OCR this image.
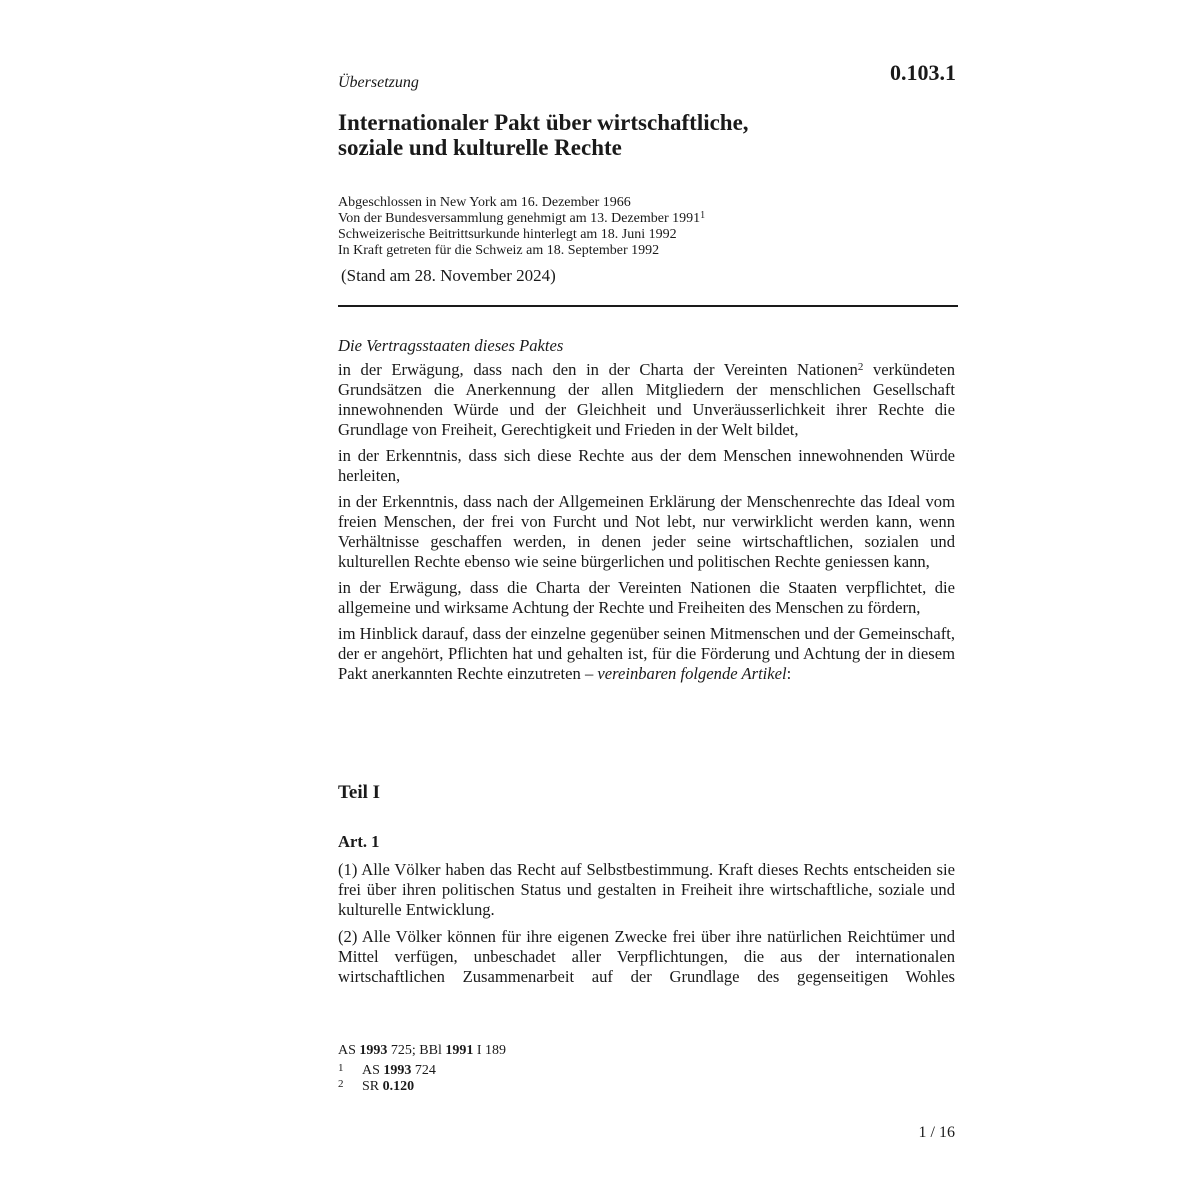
0.103.1
Übersetzung
Internationaler Pakt über wirtschaftliche,
soziale und kulturelle Rechte
Abgeschlossen in New York am 16. Dezember 1966
Von der Bundesversammlung genehmigt am 13. Dezember 1991$^1$
Schweizerische Beitrittsurkunde hinterlegt am 18. Juni 1992
In Kraft getreten für die Schweiz am 18. September 1992
(Stand am 28. November 2024)

Die Vertragsstaaten dieses Paktes

in der Erwägung, dass nach den in der Charta der Vereinten Nationen$^2$ verkündeten Grundsätzen die Anerkennung der allen Mitgliedern der menschlichen Gesellschaft innewohnenden Würde und der Gleichheit und Unveräusserlichkeit ihrer Rechte die Grundlage von Freiheit, Gerechtigkeit und Frieden in der Welt bildet,

in der Erkenntnis, dass sich diese Rechte aus der dem Menschen innewohnenden Würde herleiten,

in der Erkenntnis, dass nach der Allgemeinen Erklärung der Menschenrechte das Ideal vom freien Menschen, der frei von Furcht und Not lebt, nur verwirklicht werden kann, wenn Verhältnisse geschaffen werden, in denen jeder seine wirtschaftlichen, sozialen und kulturellen Rechte ebenso wie seine bürgerlichen und politischen Rechte geniessen kann,

in der Erwägung, dass die Charta der Vereinten Nationen die Staaten verpflichtet, die allgemeine und wirksame Achtung der Rechte und Freiheiten des Menschen zu fördern,

im Hinblick darauf, dass der einzelne gegenüber seinen Mitmenschen und der Gemeinschaft, der er angehört, Pflichten hat und gehalten ist, für die Förderung und Achtung der in diesem Pakt anerkannten Rechte einzutreten – vereinbaren folgende Artikel:

Teil I
Art. 1

(1) Alle Völker haben das Recht auf Selbstbestimmung. Kraft dieses Rechts entscheiden sie frei über ihren politischen Status und gestalten in Freiheit ihre wirtschaftliche, soziale und kulturelle Entwicklung.

(2) Alle Völker können für ihre eigenen Zwecke frei über ihre natürlichen Reichtümer und Mittel verfügen, unbeschadet aller Verpflichtungen, die aus der internationalen wirtschaftlichen Zusammenarbeit auf der Grundlage des gegenseitigen Wohles

AS 1993 725; BBl 1991 I 189
1	AS 1993 724
2	SR 0.120
1 / 16
